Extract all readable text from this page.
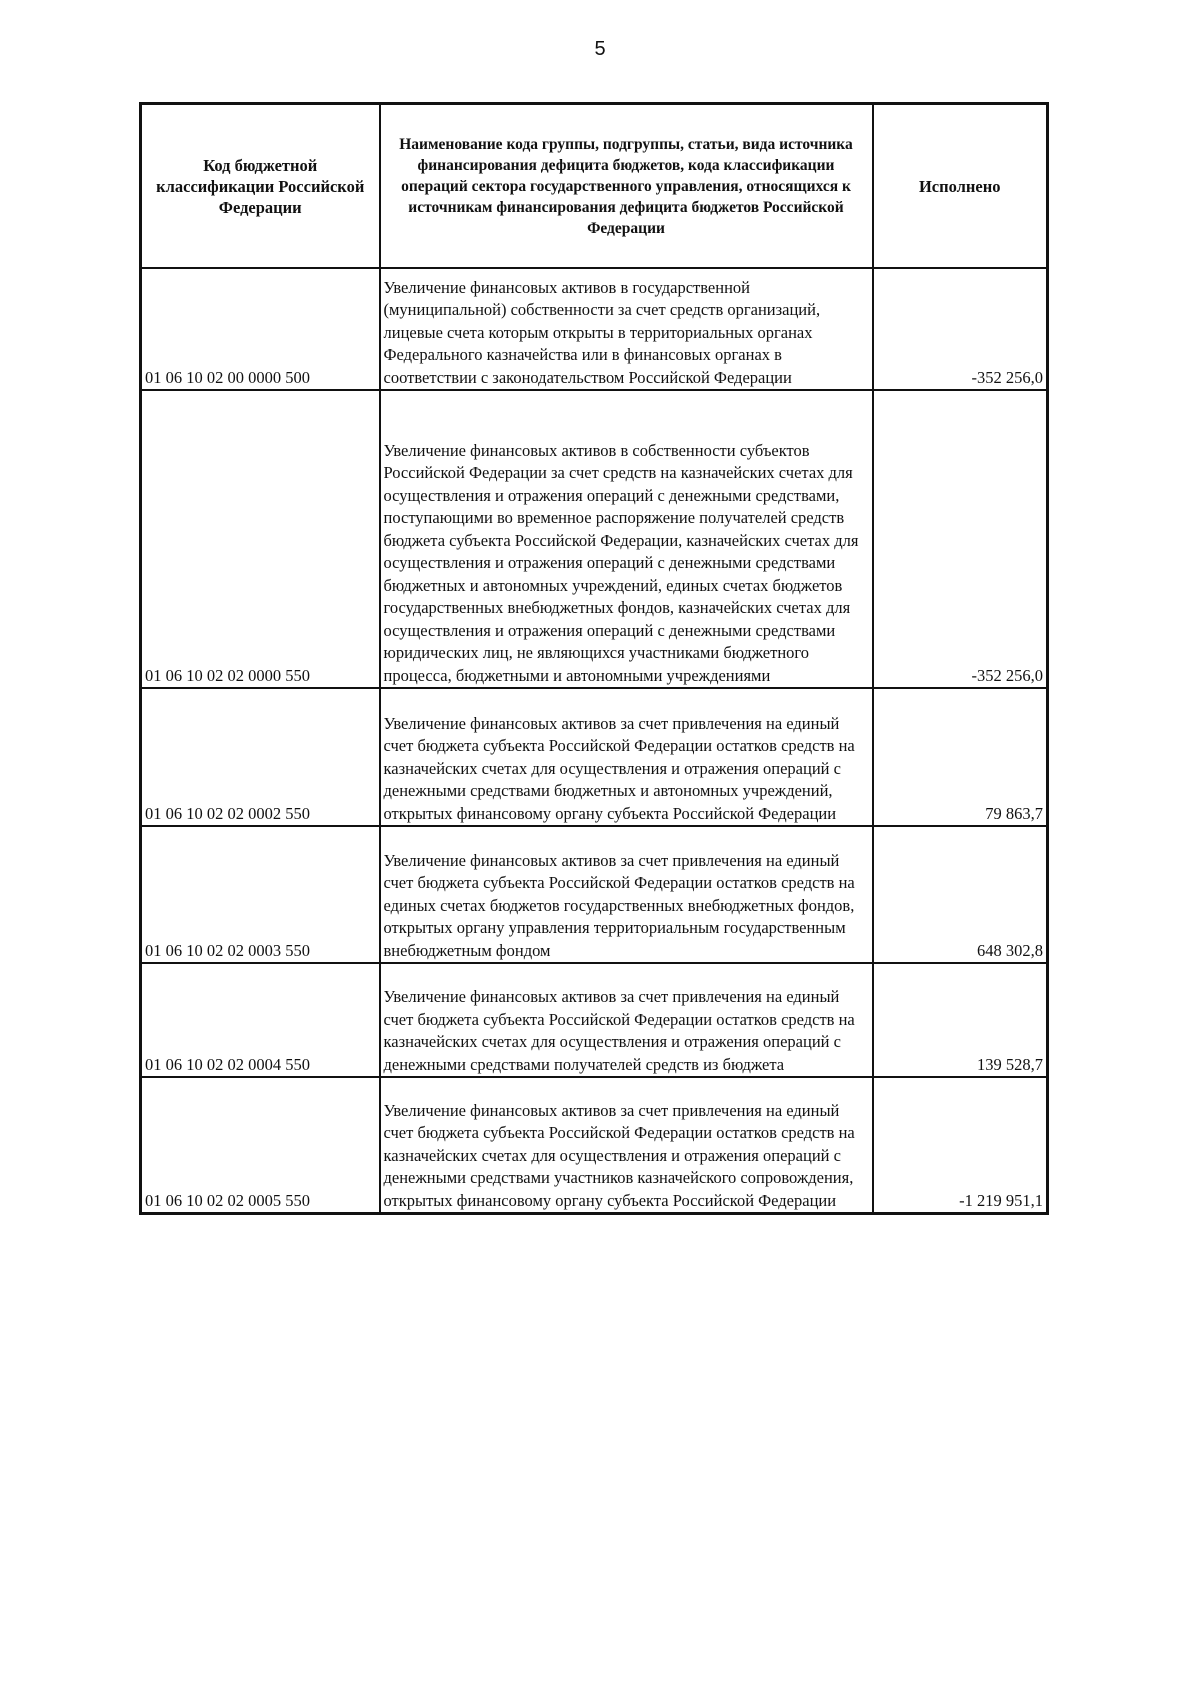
5
Код бюджетной классификации Российской Федерации	Наименование кода группы, подгруппы, статьи, вида источника финансирования дефицита бюджетов, кода классификации операций сектора государственного управления, относящихся к источникам финансирования дефицита бюджетов Российской Федерации	Исполнено
01 06 10 02 00 0000 500	Увеличение финансовых активов в государственной (муниципальной) собственности за счет средств организаций, лицевые счета которым открыты в территориальных органах Федерального казначейства или в финансовых органах в соответствии с законодательством Российской Федерации	-352 256,0
01 06 10 02 02 0000 550	Увеличение финансовых активов в собственности субъектов Российской Федерации за счет средств на казначейских счетах для осуществления и отражения операций с денежными средствами, поступающими во временное распоряжение получателей средств бюджета субъекта Российской Федерации, казначейских счетах для осуществления и отражения операций с денежными средствами бюджетных и автономных учреждений, единых счетах бюджетов государственных внебюджетных фондов, казначейских счетах для осуществления и отражения операций с денежными средствами юридических лиц, не являющихся участниками бюджетного процесса, бюджетными и автономными учреждениями	-352 256,0
01 06 10 02 02 0002 550	Увеличение финансовых активов за счет привлечения на единый счет бюджета субъекта Российской Федерации остатков средств на казначейских счетах для осуществления и отражения операций с денежными средствами бюджетных и автономных учреждений, открытых финансовому органу субъекта Российской Федерации	79 863,7
01 06 10 02 02 0003 550	Увеличение финансовых активов за счет привлечения на единый счет бюджета субъекта Российской Федерации остатков средств на единых счетах бюджетов государственных внебюджетных фондов, открытых органу управления территориальным государственным внебюджетным фондом	648 302,8
01 06 10 02 02 0004 550	Увеличение финансовых активов за счет привлечения на единый счет бюджета субъекта Российской Федерации остатков средств на казначейских счетах для осуществления и отражения операций с денежными средствами получателей средств из бюджета	139 528,7
01 06 10 02 02 0005 550	Увеличение финансовых активов за счет привлечения на единый счет бюджета субъекта Российской Федерации остатков средств на казначейских счетах для осуществления и отражения операций с денежными средствами участников казначейского сопровождения, открытых финансовому органу субъекта Российской Федерации	-1 219 951,1
